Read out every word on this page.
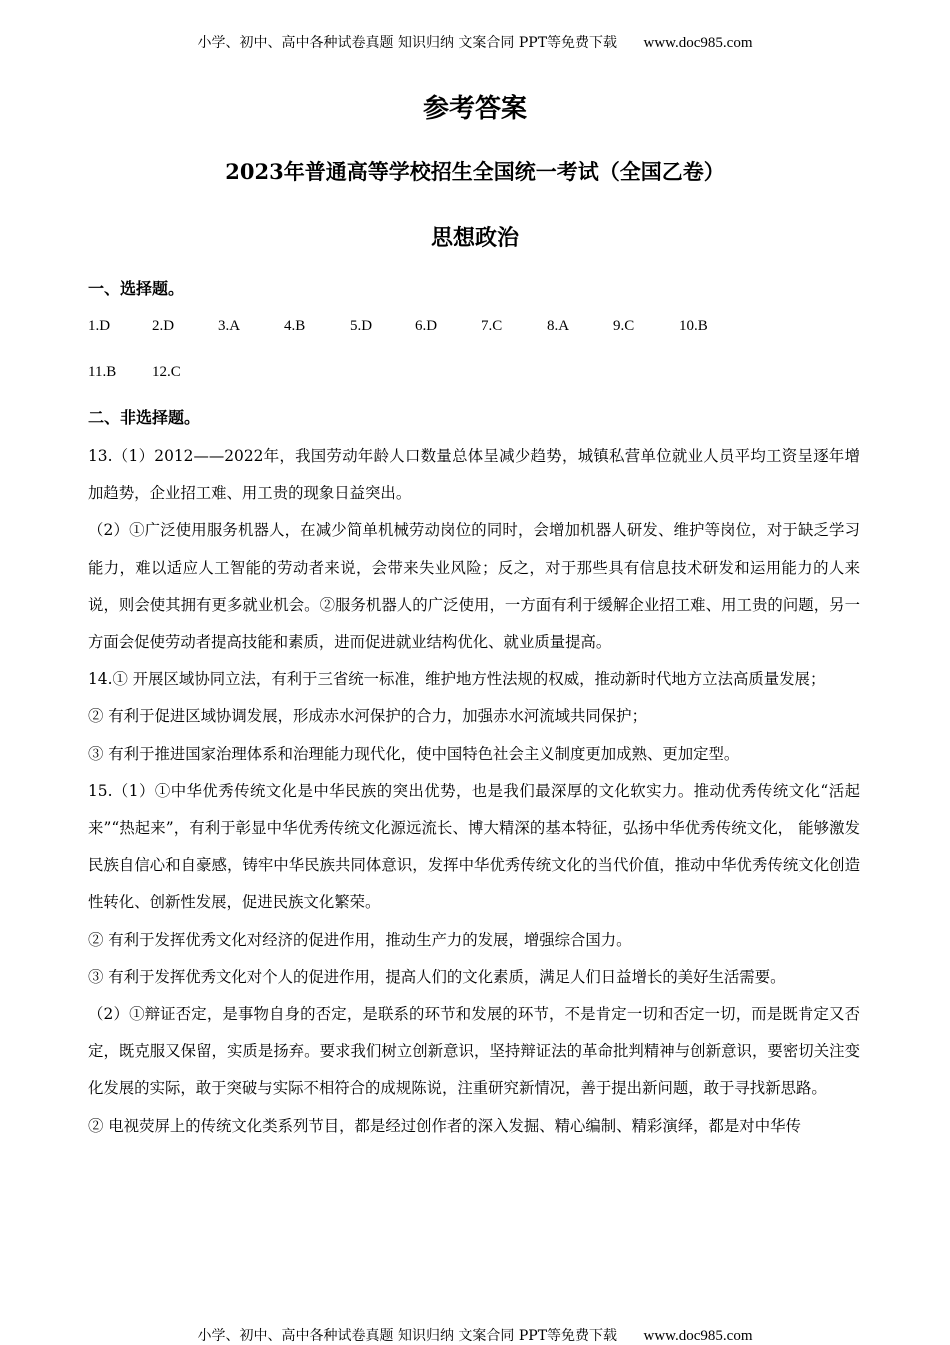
小学、初中、高中各种试卷真题 知识归纳 文案合同 PPT等免费下载 www.doc985.com
参考答案
2023年普通高等学校招生全国统一考试（全国乙卷）
思想政治
一、选择题。
1.D	2.D	3.A	4.B	5.D	6.D	7.C	8.A	9.C	10.B
11.B 12.C
二、非选择题。

13.（1）2012——2022年，我国劳动年龄人口数量总体呈减少趋势，城镇私营单位就业人员平均工资呈逐年增加趋势，企业招工难、用工贵的现象日益突出。

（2）①广泛使用服务机器人，在减少简单机械劳动岗位的同时，会增加机器人研发、维护等岗位，对于缺乏学习能力，难以适应人工智能的劳动者来说，会带来失业风险；反之，对于那些具有信息技术研发和运用能力的人来说，则会使其拥有更多就业机会。②服务机器人的广泛使用，一方面有利于缓解企业招工难、用工贵的问题，另一方面会促使劳动者提高技能和素质，进而促进就业结构优化、就业质量提高。

14.① 开展区域协同立法，有利于三省统一标准，维护地方性法规的权威，推动新时代地方立法高质量发展；

② 有利于促进区域协调发展，形成赤水河保护的合力，加强赤水河流域共同保护；

③ 有利于推进国家治理体系和治理能力现代化，使中国特色社会主义制度更加成熟、更加定型。

15.（1）①中华优秀传统文化是中华民族的突出优势，也是我们最深厚的文化软实力。推动优秀传统文化“活起来”“热起来”，有利于彰显中华优秀传统文化源远流长、博大精深的基本特征，弘扬中华优秀传统文化， 能够激发民族自信心和自豪感，铸牢中华民族共同体意识，发挥中华优秀传统文化的当代价值，推动中华优秀传统文化创造性转化、创新性发展，促进民族文化繁荣。

② 有利于发挥优秀文化对经济的促进作用，推动生产力的发展，增强综合国力。

③ 有利于发挥优秀文化对个人的促进作用，提高人们的文化素质，满足人们日益增长的美好生活需要。

（2）①辩证否定，是事物自身的否定，是联系的环节和发展的环节，不是肯定一切和否定一切，而是既肯定又否定，既克服又保留，实质是扬弃。要求我们树立创新意识，坚持辩证法的革命批判精神与创新意识，要密切关注变化发展的实际，敢于突破与实际不相符合的成规陈说，注重研究新情况，善于提出新问题，敢于寻找新思路。

② 电视荧屏上的传统文化类系列节目，都是经过创作者的深入发掘、精心编制、精彩演绎，都是对中华传

小学、初中、高中各种试卷真题 知识归纳 文案合同 PPT等免费下载 www.doc985.com
